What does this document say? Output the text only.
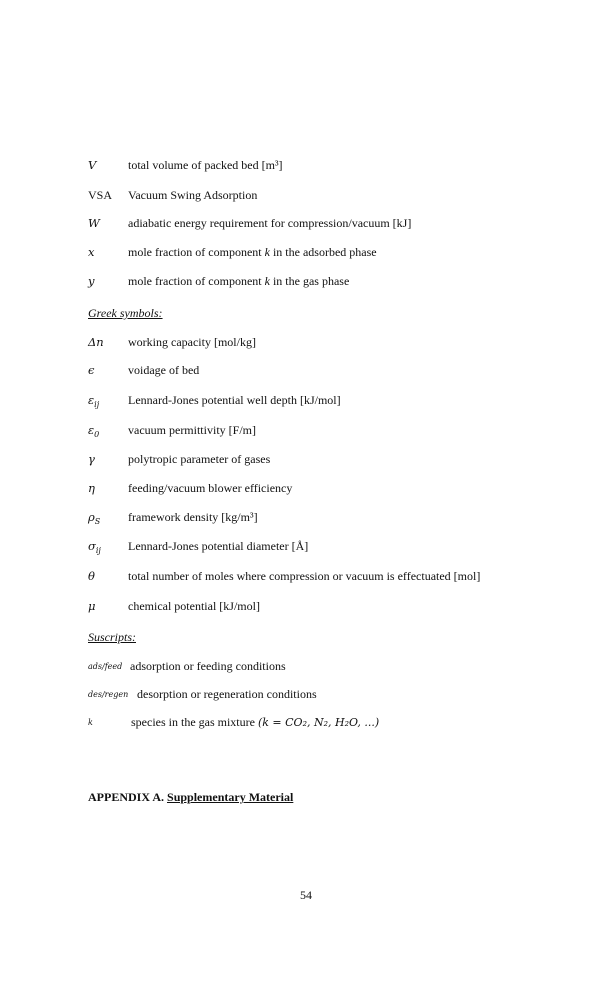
V	total volume of packed bed [m³]
VSA Vacuum Swing Adsorption
W adiabatic energy requirement for compression/vacuum [kJ]
x	mole fraction of component k in the adsorbed phase
y	mole fraction of component k in the gas phase
Greek symbols:
Δn working capacity [mol/kg]
ϵ	voidage of bed
$\varepsilon_{ij}$ Lennard-Jones potential well depth [kJ/mol]
$\varepsilon_0$ vacuum permittivity [F/m]
γ	polytropic parameter of gases
η	feeding/vacuum blower efficiency
$\rho_S$ framework density [kg/m³]
$\sigma_{ij}$ Lennard-Jones potential diameter [Å]
θ	total number of moles where compression or vacuum is effectuated [mol]
μ	chemical potential [kJ/mol]
Suscripts:
ads/feed adsorption or feeding conditions
des/regen desorption or regeneration conditions
k	species in the gas mixture (k = CO₂, N₂, H₂O, ...)
APPENDIX A. Supplementary Material
54
